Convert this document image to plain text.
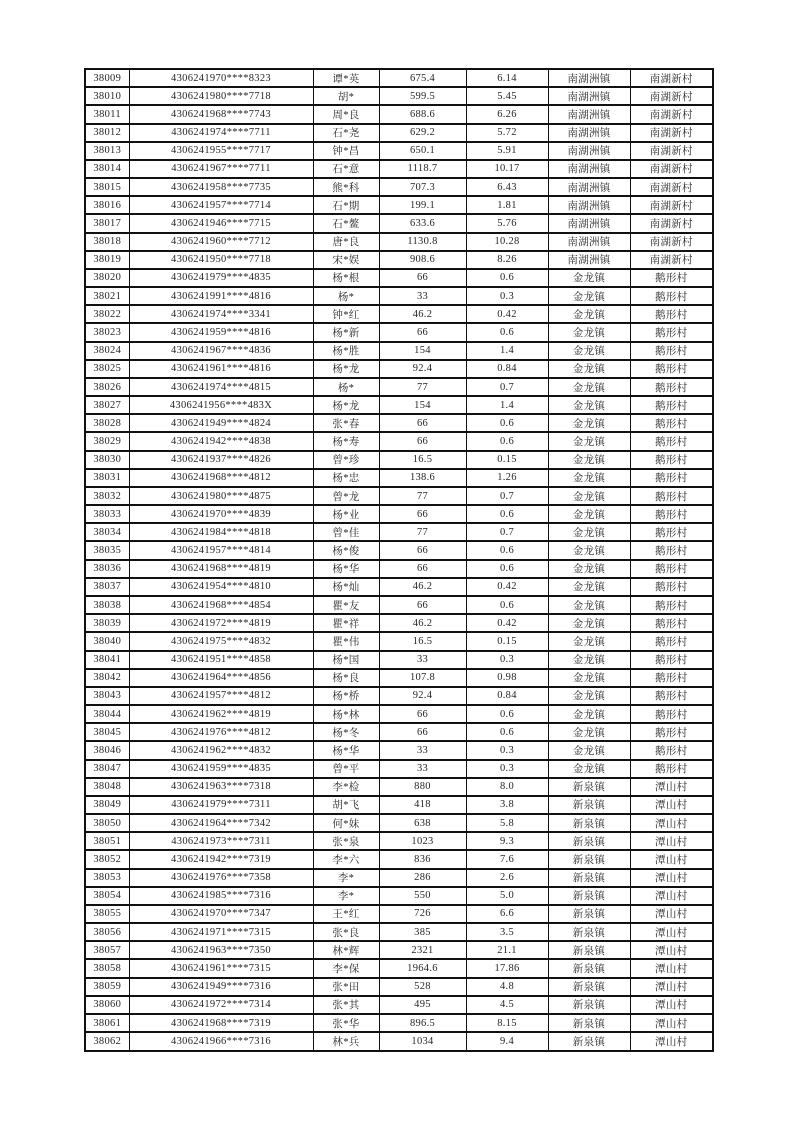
38009	4306241970****8323	谭*英	675.4	6.14	南湖洲镇	南湖新村
38010	4306241980****7718	胡*	599.5	5.45	南湖洲镇	南湖新村
38011	4306241968****7743	周*良	688.6	6.26	南湖洲镇	南湖新村
38012	4306241974****7711	石*尧	629.2	5.72	南湖洲镇	南湖新村
38013	4306241955****7717	钟*昌	650.1	5.91	南湖洲镇	南湖新村
38014	4306241967****7711	石*意	1118.7	10.17	南湖洲镇	南湖新村
38015	4306241958****7735	熊*科	707.3	6.43	南湖洲镇	南湖新村
38016	4306241957****7714	石*期	199.1	1.81	南湖洲镇	南湖新村
38017	4306241946****7715	石*鳌	633.6	5.76	南湖洲镇	南湖新村
38018	4306241960****7712	唐*良	1130.8	10.28	南湖洲镇	南湖新村
38019	4306241950****7718	宋*娱	908.6	8.26	南湖洲镇	南湖新村
38020	4306241979****4835	杨*根	66	0.6	金龙镇	鹅形村
38021	4306241991****4816	杨*	33	0.3	金龙镇	鹅形村
38022	4306241974****3341	钟*红	46.2	0.42	金龙镇	鹅形村
38023	4306241959****4816	杨*新	66	0.6	金龙镇	鹅形村
38024	4306241967****4836	杨*胜	154	1.4	金龙镇	鹅形村
38025	4306241961****4816	杨*龙	92.4	0.84	金龙镇	鹅形村
38026	4306241974****4815	杨*	77	0.7	金龙镇	鹅形村
38027	4306241956****483X	杨*龙	154	1.4	金龙镇	鹅形村
38028	4306241949****4824	张*春	66	0.6	金龙镇	鹅形村
38029	4306241942****4838	杨*寿	66	0.6	金龙镇	鹅形村
38030	4306241937****4826	曾*珍	16.5	0.15	金龙镇	鹅形村
38031	4306241968****4812	杨*忠	138.6	1.26	金龙镇	鹅形村
38032	4306241980****4875	曾*龙	77	0.7	金龙镇	鹅形村
38033	4306241970****4839	杨*业	66	0.6	金龙镇	鹅形村
38034	4306241984****4818	曾*佳	77	0.7	金龙镇	鹅形村
38035	4306241957****4814	杨*俊	66	0.6	金龙镇	鹅形村
38036	4306241968****4819	杨*华	66	0.6	金龙镇	鹅形村
38037	4306241954****4810	杨*灿	46.2	0.42	金龙镇	鹅形村
38038	4306241968****4854	瞿*友	66	0.6	金龙镇	鹅形村
38039	4306241972****4819	瞿*祥	46.2	0.42	金龙镇	鹅形村
38040	4306241975****4832	瞿*伟	16.5	0.15	金龙镇	鹅形村
38041	4306241951****4858	杨*国	33	0.3	金龙镇	鹅形村
38042	4306241964****4856	杨*良	107.8	0.98	金龙镇	鹅形村
38043	4306241957****4812	杨*桥	92.4	0.84	金龙镇	鹅形村
38044	4306241962****4819	杨*林	66	0.6	金龙镇	鹅形村
38045	4306241976****4812	杨*冬	66	0.6	金龙镇	鹅形村
38046	4306241962****4832	杨*华	33	0.3	金龙镇	鹅形村
38047	4306241959****4835	曾*平	33	0.3	金龙镇	鹅形村
38048	4306241963****7318	李*检	880	8.0	新泉镇	潭山村
38049	4306241979****7311	胡*飞	418	3.8	新泉镇	潭山村
38050	4306241964****7342	何*妹	638	5.8	新泉镇	潭山村
38051	4306241973****7311	张*泉	1023	9.3	新泉镇	潭山村
38052	4306241942****7319	李*六	836	7.6	新泉镇	潭山村
38053	4306241976****7358	李*	286	2.6	新泉镇	潭山村
38054	4306241985****7316	李*	550	5.0	新泉镇	潭山村
38055	4306241970****7347	王*红	726	6.6	新泉镇	潭山村
38056	4306241971****7315	张*良	385	3.5	新泉镇	潭山村
38057	4306241963****7350	林*辉	2321	21.1	新泉镇	潭山村
38058	4306241961****7315	李*保	1964.6	17.86	新泉镇	潭山村
38059	4306241949****7316	张*田	528	4.8	新泉镇	潭山村
38060	4306241972****7314	张*其	495	4.5	新泉镇	潭山村
38061	4306241968****7319	张*华	896.5	8.15	新泉镇	潭山村
38062	4306241966****7316	林*兵	1034	9.4	新泉镇	潭山村
